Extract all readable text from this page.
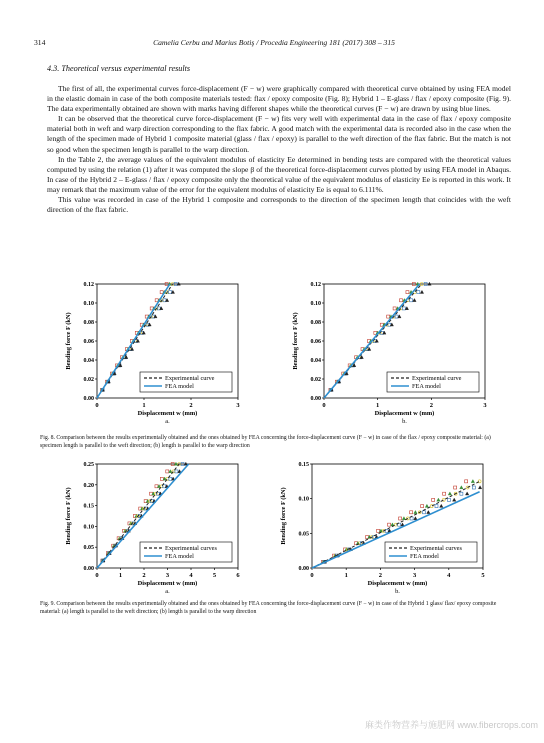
314	Camelia Cerbu and Marius Botiş / Procedia Engineering 181 (2017) 308 – 315
4.3. Theoretical versus experimental results

The first of all, the experimental curves force-displacement (F − w) were graphically compared with theoretical curve obtained by using FEA model in the elastic domain in case of the both composite materials tested: flax / epoxy composite (Fig. 8); Hybrid 1 – E-glass / flax / epoxy composite (Fig. 9). The data experimentally obtained are shown with marks having different shapes while the theoretical curves (F − w) are drawn by using blue lines.

It can be observed that the theoretical curve force-displacement (F − w) fits very well with experimental data in the case of flax / epoxy composite material both in weft and warp direction corresponding to the flax fabric. A good match with the experimental data is recorded also in the case when the length of the specimen made of Hybrid 1 composite material (glass / flax / epoxy) is parallel to the weft direction of the flax fabric. But the match is not so good when the specimen length is parallel to the warp direction.

In the Table 2, the average values of the equivalent modulus of elasticity Ee determined in bending tests are compared with the theoretical values computed by using the relation (1) after it was computed the slope β of the theoretical force-displacement curves plotted by using FEA model in Abaqus. In case of the Hybrid 2 – E-glass / flax / epoxy composite only the theoretical value of the equivalent modulus of elasticity Ee is reported in this work. It may remark that the maximum value of the error for the equivalent modulus of elasticity Ee is equal to 6.111%.

This value was recorded in case of the Hybrid 1 composite and corresponds to the direction of the specimen length that coincides with the weft direction of the flax fabric.

0.00
0.02
0.04
0.06
0.08
0.10
0.12
0	1	2	3
Displacement w (mm)
Bending force F (kN)
a.
Experimental curve
FEA model
0.00
0.02
0.04
0.06
0.08
0.10
0.12
0	1	2	3
Displacement w (mm)
Bending force F (kN)
b.
Experimental curve
FEA model
Fig. 8. Comparison between the results experimentally obtained and the ones obtained by FEA concerning the force-displacement curve (F − w) in case of the flax / epoxy composite material: (a) specimen length is parallel to the weft direction; (b) length is parallel to the warp direction
0.00
0.05
0.10
0.15
0.20
0.25
0	1	2	3	4	5	6
Displacement w (mm)
Bending force F (kN)
a.
Experimental curves
FEA model
0.00
0.05
0.10
0.15
0	1	2	3	4	5
Displacement w (mm)
Bending force F (kN)
b.
Experimental curves
FEA model
Fig. 9. Comparison between the results experimentally obtained and the ones obtained by FEA concerning the force-displacement curve (F − w) in case of the Hybrid 1 glass/ flax/ epoxy composite material: (a) length is parallel to the weft direction; (b) length is parallel to the warp direction
麻类作物营养与施肥网 www.fibercrops.com
